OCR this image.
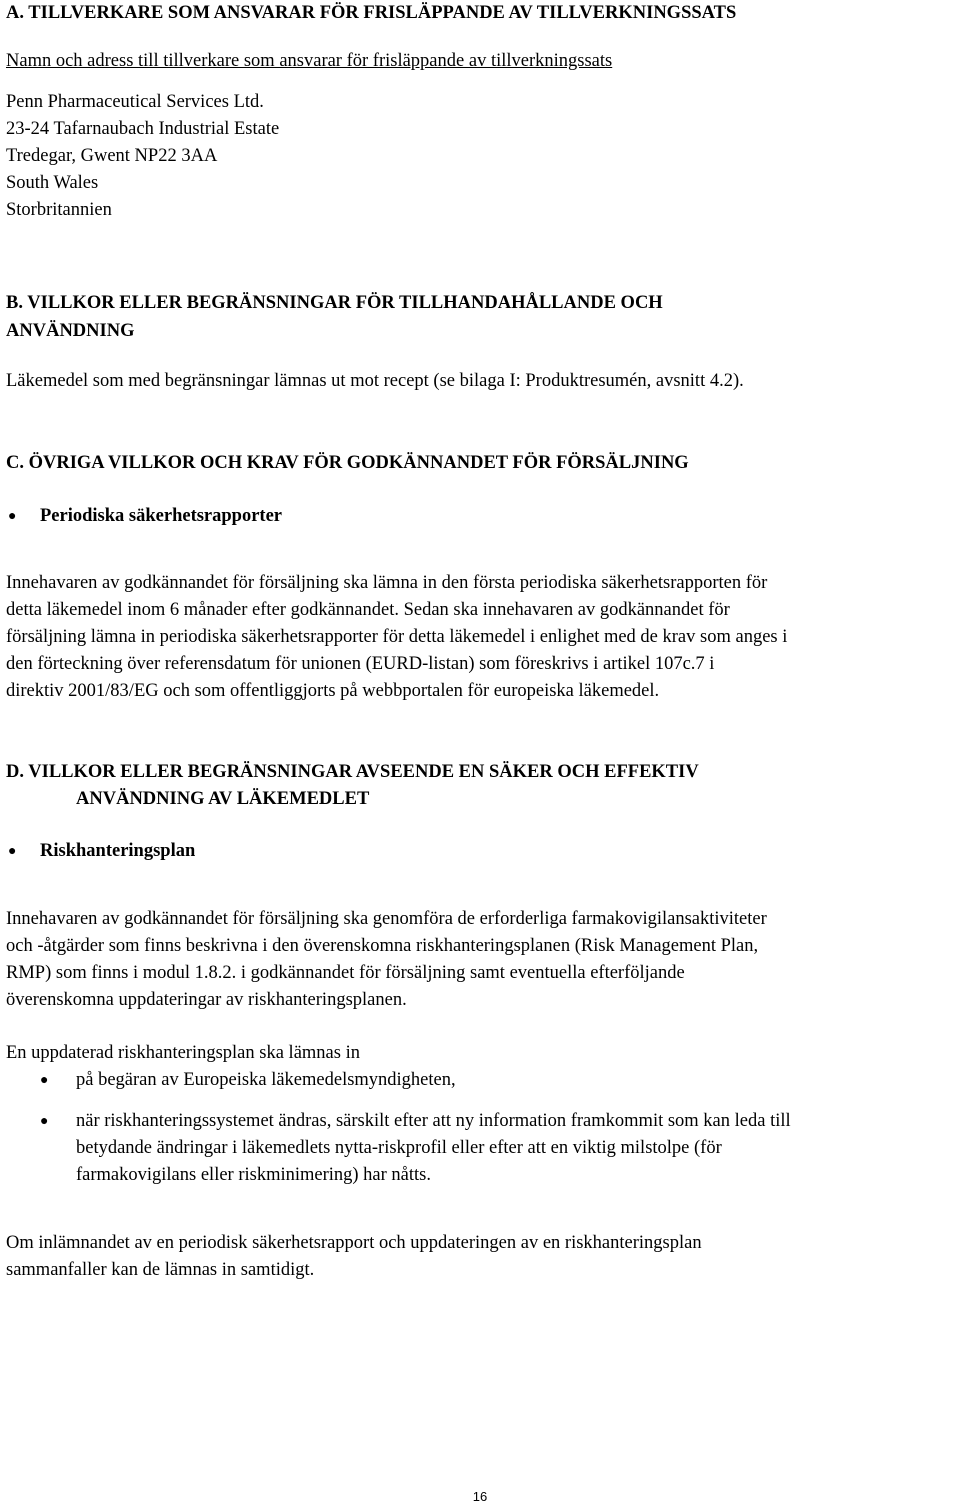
A. TILLVERKARE SOM ANSVARAR FÖR FRISLÄPPANDE AV TILLVERKNINGSSATS
Namn och adress till tillverkare som ansvarar för frisläppande av tillverkningssats
Penn Pharmaceutical Services Ltd.
23-24 Tafarnaubach Industrial Estate
Tredegar, Gwent NP22 3AA
South Wales
Storbritannien
B. VILLKOR ELLER BEGRÄNSNINGAR FÖR TILLHANDAHÅLLANDE OCH
ANVÄNDNING
Läkemedel som med begränsningar lämnas ut mot recept (se bilaga I: Produktresumén, avsnitt 4.2).
C. ÖVRIGA VILLKOR OCH KRAV FÖR GODKÄNNANDET FÖR FÖRSÄLJNING
● Periodiska säkerhetsrapporter
Innehavaren av godkännandet för försäljning ska lämna in den första periodiska säkerhetsrapporten för
detta läkemedel inom 6 månader efter godkännandet. Sedan ska innehavaren av godkännandet för
försäljning lämna in periodiska säkerhetsrapporter för detta läkemedel i enlighet med de krav som anges i
den förteckning över referensdatum för unionen (EURD-listan) som föreskrivs i artikel 107c.7 i
direktiv 2001/83/EG och som offentliggjorts på webbportalen för europeiska läkemedel.
D. VILLKOR ELLER BEGRÄNSNINGAR AVSEENDE EN SÄKER OCH EFFEKTIV
ANVÄNDNING AV LÄKEMEDLET
● Riskhanteringsplan
Innehavaren av godkännandet för försäljning ska genomföra de erforderliga farmakovigilansaktiviteter
och -åtgärder som finns beskrivna i den överenskomna riskhanteringsplanen (Risk Management Plan,
RMP) som finns i modul 1.8.2. i godkännandet för försäljning samt eventuella efterföljande
överenskomna uppdateringar av riskhanteringsplanen.
En uppdaterad riskhanteringsplan ska lämnas in
● på begäran av Europeiska läkemedelsmyndigheten,
● när riskhanteringssystemet ändras, särskilt efter att ny information framkommit som kan leda till
betydande ändringar i läkemedlets nytta-riskprofil eller efter att en viktig milstolpe (för
farmakovigilans eller riskminimering) har nåtts.
Om inlämnandet av en periodisk säkerhetsrapport och uppdateringen av en riskhanteringsplan
sammanfaller kan de lämnas in samtidigt.
16
